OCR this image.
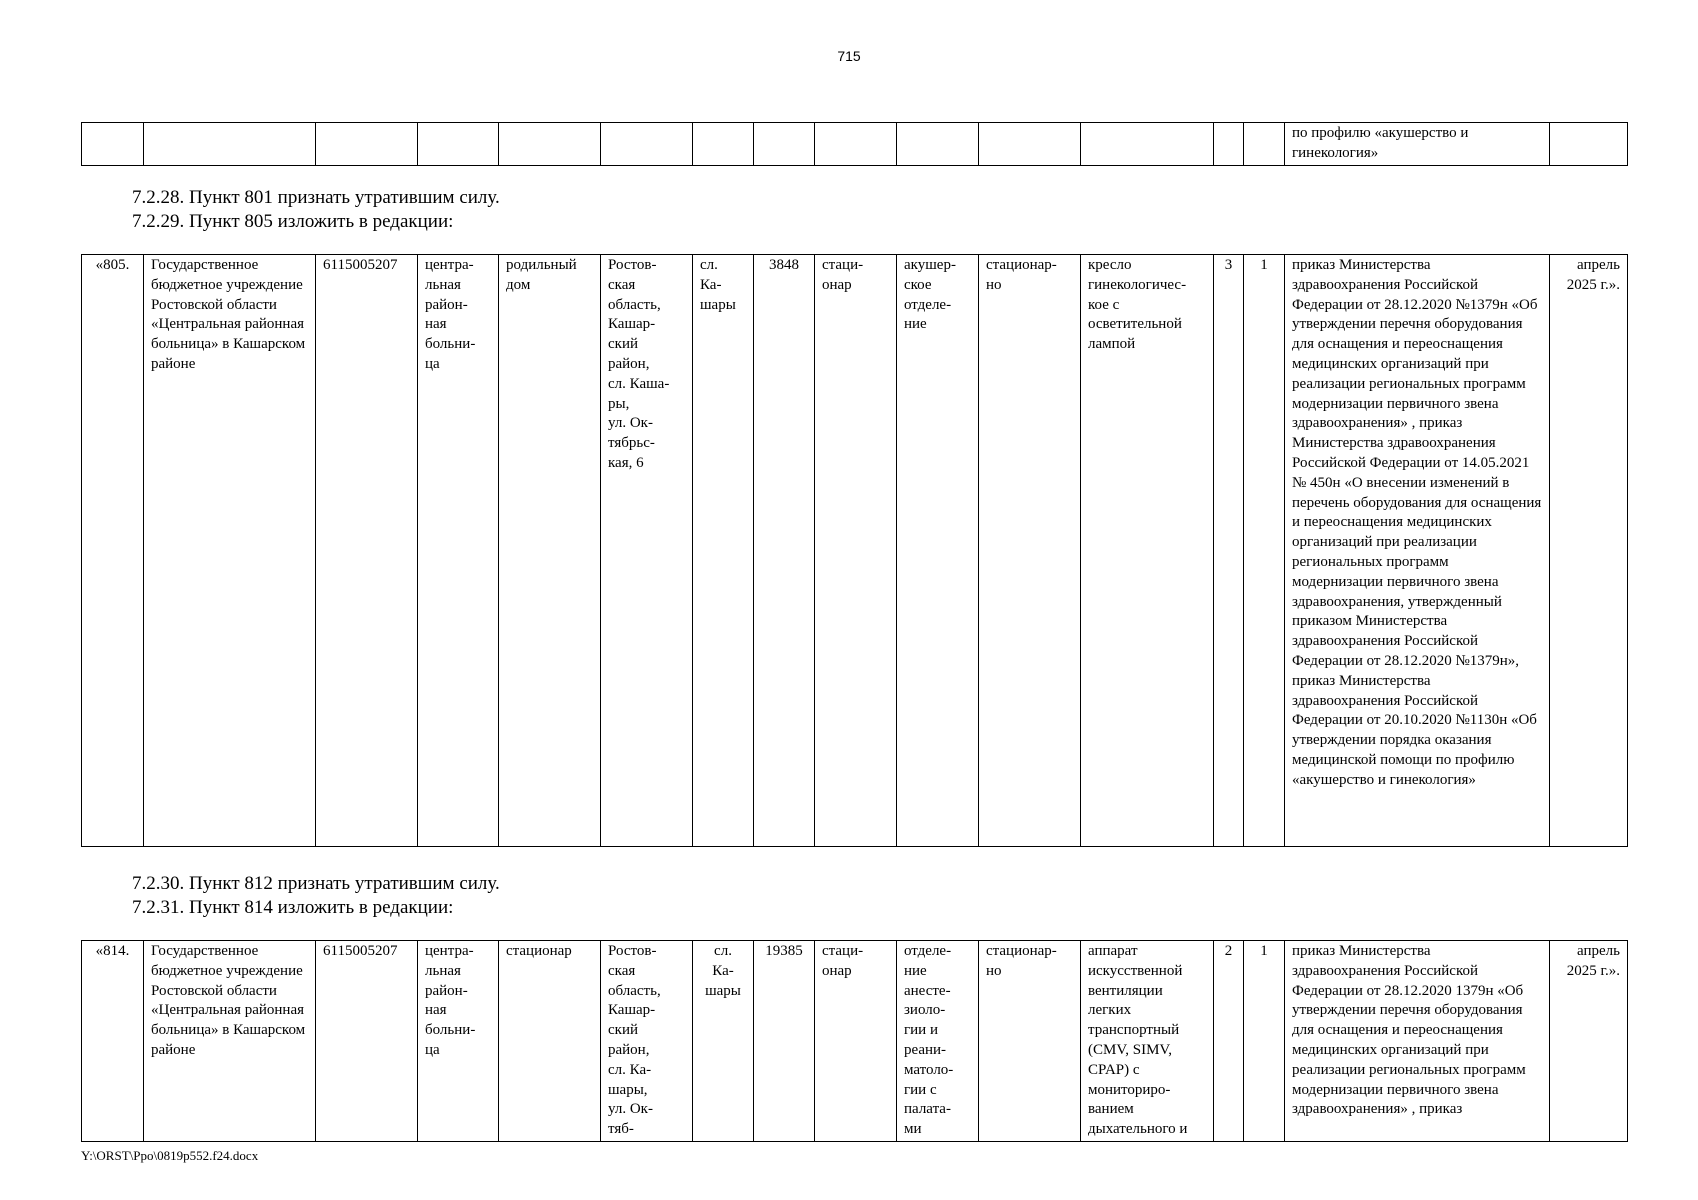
715
														по профилю «акушерство и гинекология»	
7.2.28. Пункт 801 признать утратившим силу.
7.2.29. Пункт 805 изложить в редакции:
«805.	Государственное бюджетное учреждение Ростовской области «Центральная районная больница» в Кашарском районе	6115005207	центра-
льная
район-
ная
больни-
ца	родильный дом	Ростов-
ская
область,
Кашар-
ский
район,
сл. Кашa-
ры,
ул. Ок-
тябрьс-
кая, 6	сл.
Ка-
шары	3848	стаци-
онар	акушер-
ское
отделе-
ние	стационар-
но	кресло
гинекологичес-
кое с
осветительной
лампой	3	1	приказ Министерства здравоохранения Российской Федерации от 28.12.2020 №1379н «Об утверждении перечня оборудования для оснащения и переоснащения медицинских организаций при реализации региональных программ модернизации первичного звена здравоохранения» , приказ Министерства здравоохранения Российской Федерации от 14.05.2021 № 450н «О внесении изменений в перечень оборудования для оснащения и переоснащения медицинских организаций при реализации региональных программ модернизации первичного звена здравоохранения, утвержденный приказом Министерства здравоохранения Российской Федерации от 28.12.2020 №1379н», приказ Министерства здравоохранения Российской Федерации от 20.10.2020 №1130н «Об утверждении порядка оказания медицинской помощи по профилю «акушерство и гинекология»	апрель
2025 г.».
7.2.30. Пункт 812 признать утратившим силу.
7.2.31. Пункт 814 изложить в редакции:
«814.	Государственное бюджетное учреждение Ростовской области «Центральная районная больница» в Кашарском районе	6115005207	центра-
льная
район-
ная
больни-
ца	стационар	Ростов-
ская
область,
Кашар-
ский
район,
сл. Ка-
шары,
ул. Ок-
тяб-	сл.
Ка-
шары	19385	стаци-
онар	отделе-
ние
анесте-
зиоло-
гии и
реани-
матоло-
гии с
палата-
ми	стационар-
но	аппарат
искусственной
вентиляции
легких
транспортный
(CMV, SIMV,
CPAP) с
мониториро-
ванием
дыхательного и	2	1	приказ Министерства здравоохранения Российской Федерации от 28.12.2020 1379н «Об утверждении перечня оборудования для оснащения и переоснащения медицинских организаций при реализации региональных программ модернизации первичного звена здравоохранения» , приказ	апрель
2025 г.».
Y:\ORST\Ppo\0819p552.f24.docx
